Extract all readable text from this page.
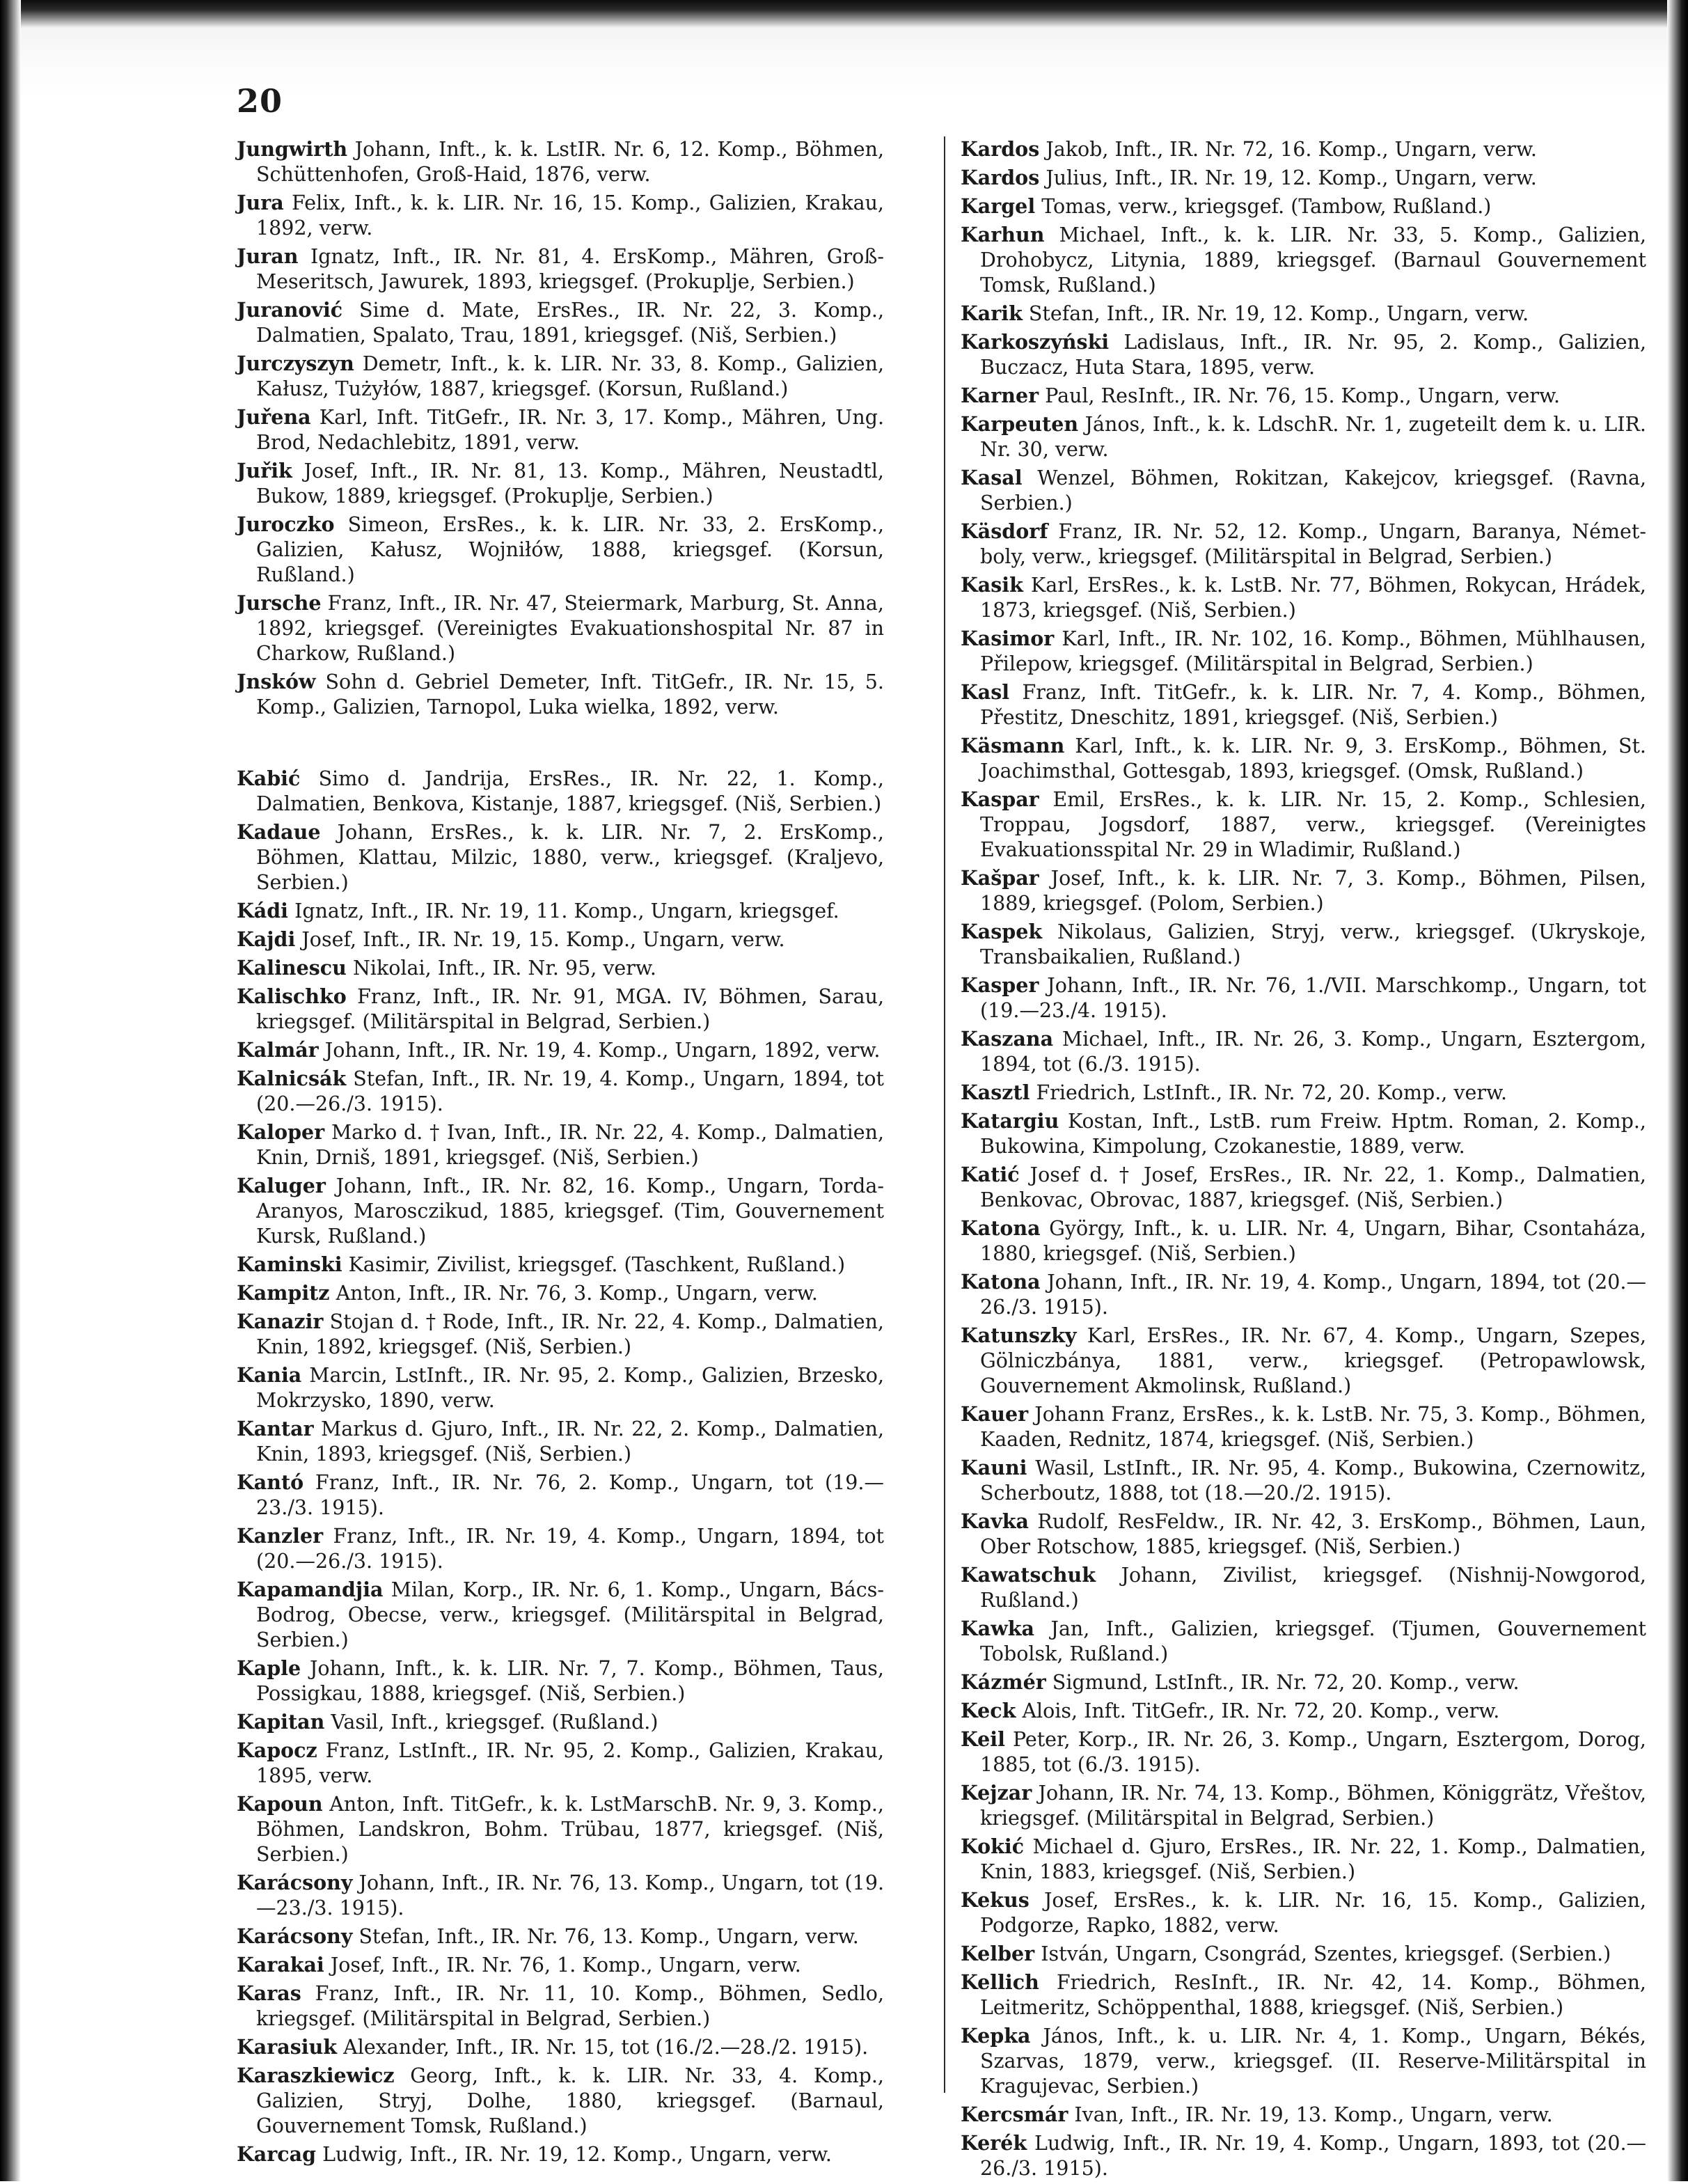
20

Jungwirth Johann, Inft., k. k. LstIR. Nr. 6, 12. Komp., Böhmen, Schüttenhofen, Groß-Haid, 1876, verw.

Jura Felix, Inft., k. k. LIR. Nr. 16, 15. Komp., Galizien, Krakau, 1892, verw.

Juran Ignatz, Inft., IR. Nr. 81, 4. ErsKomp., Mähren, Groß-Meseritsch, Jawurek, 1893, kriegsgef. (Prokuplje, Serbien.)

Juranović Sime d. Mate, ErsRes., IR. Nr. 22, 3. Komp., Dalmatien, Spalato, Trau, 1891, kriegsgef. (Niš, Serbien.)

Jurczyszyn Demetr, Inft., k. k. LIR. Nr. 33, 8. Komp., Galizien, Kałusz, Tużyłów, 1887, kriegsgef. (Korsun, Rußland.)

Juřena Karl, Inft. TitGefr., IR. Nr. 3, 17. Komp., Mähren, Ung. Brod, Nedachlebitz, 1891, verw.

Juřik Josef, Inft., IR. Nr. 81, 13. Komp., Mähren, Neustadtl, Bukow, 1889, kriegsgef. (Prokuplje, Serbien.)

Juroczko Simeon, ErsRes., k. k. LIR. Nr. 33, 2. ErsKomp., Galizien, Kałusz, Wojniłów, 1888, kriegsgef. (Korsun, Rußland.)

Jursche Franz, Inft., IR. Nr. 47, Steiermark, Marburg, St. Anna, 1892, kriegsgef. (Vereinigtes Evakuationshospital Nr. 87 in Charkow, Rußland.)

Jnsków Sohn d. Gebriel Demeter, Inft. TitGefr., IR. Nr. 15, 5. Komp., Galizien, Tarnopol, Luka wielka, 1892, verw.

Kabić Simo d. Jandrija, ErsRes., IR. Nr. 22, 1. Komp., Dalmatien, Benkova, Kistanje, 1887, kriegsgef. (Niš, Serbien.)

Kadaue Johann, ErsRes., k. k. LIR. Nr. 7, 2. ErsKomp., Böhmen, Klattau, Milzic, 1880, verw., kriegsgef. (Kraljevo, Serbien.)

Kádi Ignatz, Inft., IR. Nr. 19, 11. Komp., Ungarn, kriegsgef.

Kajdi Josef, Inft., IR. Nr. 19, 15. Komp., Ungarn, verw.

Kalinescu Nikolai, Inft., IR. Nr. 95, verw.

Kalischko Franz, Inft., IR. Nr. 91, MGA. IV, Böhmen, Sarau, kriegsgef. (Militärspital in Belgrad, Serbien.)

Kalmár Johann, Inft., IR. Nr. 19, 4. Komp., Ungarn, 1892, verw.

Kalnicsák Stefan, Inft., IR. Nr. 19, 4. Komp., Ungarn, 1894, tot (20.—26./3. 1915).

Kaloper Marko d. † Ivan, Inft., IR. Nr. 22, 4. Komp., Dalmatien, Knin, Drniš, 1891, kriegsgef. (Niš, Serbien.)

Kaluger Johann, Inft., IR. Nr. 82, 16. Komp., Ungarn, Torda-Aranyos, Marosczikud, 1885, kriegsgef. (Tim, Gouvernement Kursk, Rußland.)

Kaminski Kasimir, Zivilist, kriegsgef. (Taschkent, Rußland.)

Kampitz Anton, Inft., IR. Nr. 76, 3. Komp., Ungarn, verw.

Kanazir Stojan d. † Rode, Inft., IR. Nr. 22, 4. Komp., Dalmatien, Knin, 1892, kriegsgef. (Niš, Serbien.)

Kania Marcin, LstInft., IR. Nr. 95, 2. Komp., Galizien, Brzesko, Mokrzysko, 1890, verw.

Kantar Markus d. Gjuro, Inft., IR. Nr. 22, 2. Komp., Dalmatien, Knin, 1893, kriegsgef. (Niš, Serbien.)

Kantó Franz, Inft., IR. Nr. 76, 2. Komp., Ungarn, tot (19.—23./3. 1915).

Kanzler Franz, Inft., IR. Nr. 19, 4. Komp., Ungarn, 1894, tot (20.—26./3. 1915).

Kapamandjia Milan, Korp., IR. Nr. 6, 1. Komp., Ungarn, Bács-Bodrog, Obecse, verw., kriegsgef. (Militärspital in Belgrad, Serbien.)

Kaple Johann, Inft., k. k. LIR. Nr. 7, 7. Komp., Böhmen, Taus, Possigkau, 1888, kriegsgef. (Niš, Serbien.)

Kapitan Vasil, Inft., kriegsgef. (Rußland.)

Kapocz Franz, LstInft., IR. Nr. 95, 2. Komp., Galizien, Krakau, 1895, verw.

Kapoun Anton, Inft. TitGefr., k. k. LstMarschB. Nr. 9, 3. Komp., Böhmen, Landskron, Bohm. Trübau, 1877, kriegsgef. (Niš, Serbien.)

Karácsony Johann, Inft., IR. Nr. 76, 13. Komp., Ungarn, tot (19.—23./3. 1915).

Karácsony Stefan, Inft., IR. Nr. 76, 13. Komp., Ungarn, verw.

Karakai Josef, Inft., IR. Nr. 76, 1. Komp., Ungarn, verw.

Karas Franz, Inft., IR. Nr. 11, 10. Komp., Böhmen, Sedlo, kriegsgef. (Militärspital in Belgrad, Serbien.)

Karasiuk Alexander, Inft., IR. Nr. 15, tot (16./2.—28./2. 1915).

Karaszkiewicz Georg, Inft., k. k. LIR. Nr. 33, 4. Komp., Galizien, Stryj, Dolhe, 1880, kriegsgef. (Barnaul, Gouvernement Tomsk, Rußland.)

Karcag Ludwig, Inft., IR. Nr. 19, 12. Komp., Ungarn, verw.

Kardos Jakob, Inft., IR. Nr. 72, 16. Komp., Ungarn, verw.

Kardos Julius, Inft., IR. Nr. 19, 12. Komp., Ungarn, verw.

Kargel Tomas, verw., kriegsgef. (Tambow, Rußland.)

Karhun Michael, Inft., k. k. LIR. Nr. 33, 5. Komp., Galizien, Drohobycz, Litynia, 1889, kriegsgef. (Barnaul Gouvernement Tomsk, Rußland.)

Karik Stefan, Inft., IR. Nr. 19, 12. Komp., Ungarn, verw.

Karkoszyński Ladislaus, Inft., IR. Nr. 95, 2. Komp., Galizien, Buczacz, Huta Stara, 1895, verw.

Karner Paul, ResInft., IR. Nr. 76, 15. Komp., Ungarn, verw.

Karpeuten János, Inft., k. k. LdschR. Nr. 1, zugeteilt dem k. u. LIR. Nr. 30, verw.

Kasal Wenzel, Böhmen, Rokitzan, Kakejcov, kriegsgef. (Ravna, Serbien.)

Käsdorf Franz, IR. Nr. 52, 12. Komp., Ungarn, Baranya, Német-boly, verw., kriegsgef. (Militärspital in Belgrad, Serbien.)

Kasik Karl, ErsRes., k. k. LstB. Nr. 77, Böhmen, Rokycan, Hrádek, 1873, kriegsgef. (Niš, Serbien.)

Kasimor Karl, Inft., IR. Nr. 102, 16. Komp., Böhmen, Mühlhausen, Přilepow, kriegsgef. (Militärspital in Belgrad, Serbien.)

Kasl Franz, Inft. TitGefr., k. k. LIR. Nr. 7, 4. Komp., Böhmen, Přestitz, Dneschitz, 1891, kriegsgef. (Niš, Serbien.)

Käsmann Karl, Inft., k. k. LIR. Nr. 9, 3. ErsKomp., Böhmen, St. Joachimsthal, Gottesgab, 1893, kriegsgef. (Omsk, Rußland.)

Kaspar Emil, ErsRes., k. k. LIR. Nr. 15, 2. Komp., Schlesien, Troppau, Jogsdorf, 1887, verw., kriegsgef. (Vereinigtes Evakuationsspital Nr. 29 in Wladimir, Rußland.)

Kašpar Josef, Inft., k. k. LIR. Nr. 7, 3. Komp., Böhmen, Pilsen, 1889, kriegsgef. (Polom, Serbien.)

Kaspek Nikolaus, Galizien, Stryj, verw., kriegsgef. (Ukryskoje, Transbaikalien, Rußland.)

Kasper Johann, Inft., IR. Nr. 76, 1./VII. Marschkomp., Ungarn, tot (19.—23./4. 1915).

Kaszana Michael, Inft., IR. Nr. 26, 3. Komp., Ungarn, Esztergom, 1894, tot (6./3. 1915).

Kasztl Friedrich, LstInft., IR. Nr. 72, 20. Komp., verw.

Katargiu Kostan, Inft., LstB. rum Freiw. Hptm. Roman, 2. Komp., Bukowina, Kimpolung, Czokanestie, 1889, verw.

Katić Josef d. † Josef, ErsRes., IR. Nr. 22, 1. Komp., Dalmatien, Benkovac, Obrovac, 1887, kriegsgef. (Niš, Serbien.)

Katona György, Inft., k. u. LIR. Nr. 4, Ungarn, Bihar, Csontaháza, 1880, kriegsgef. (Niš, Serbien.)

Katona Johann, Inft., IR. Nr. 19, 4. Komp., Ungarn, 1894, tot (20.—26./3. 1915).

Katunszky Karl, ErsRes., IR. Nr. 67, 4. Komp., Ungarn, Szepes, Gölniczbánya, 1881, verw., kriegsgef. (Petropawlowsk, Gouvernement Akmolinsk, Rußland.)

Kauer Johann Franz, ErsRes., k. k. LstB. Nr. 75, 3. Komp., Böhmen, Kaaden, Rednitz, 1874, kriegsgef. (Niš, Serbien.)

Kauni Wasil, LstInft., IR. Nr. 95, 4. Komp., Bukowina, Czernowitz, Scherboutz, 1888, tot (18.—20./2. 1915).

Kavka Rudolf, ResFeldw., IR. Nr. 42, 3. ErsKomp., Böhmen, Laun, Ober Rotschow, 1885, kriegsgef. (Niš, Serbien.)

Kawatschuk Johann, Zivilist, kriegsgef. (Nishnij-Nowgorod, Rußland.)

Kawka Jan, Inft., Galizien, kriegsgef. (Tjumen, Gouvernement Tobolsk, Rußland.)

Kázmér Sigmund, LstInft., IR. Nr. 72, 20. Komp., verw.

Keck Alois, Inft. TitGefr., IR. Nr. 72, 20. Komp., verw.

Keil Peter, Korp., IR. Nr. 26, 3. Komp., Ungarn, Esztergom, Dorog, 1885, tot (6./3. 1915).

Kejzar Johann, IR. Nr. 74, 13. Komp., Böhmen, Königgrätz, Vřeštov, kriegsgef. (Militärspital in Belgrad, Serbien.)

Kokić Michael d. Gjuro, ErsRes., IR. Nr. 22, 1. Komp., Dalmatien, Knin, 1883, kriegsgef. (Niš, Serbien.)

Kekus Josef, ErsRes., k. k. LIR. Nr. 16, 15. Komp., Galizien, Podgorze, Rapko, 1882, verw.

Kelber István, Ungarn, Csongrád, Szentes, kriegsgef. (Serbien.)

Kellich Friedrich, ResInft., IR. Nr. 42, 14. Komp., Böhmen, Leitmeritz, Schöppenthal, 1888, kriegsgef. (Niš, Serbien.)

Kepka János, Inft., k. u. LIR. Nr. 4, 1. Komp., Ungarn, Békés, Szarvas, 1879, verw., kriegsgef. (II. Reserve-Militärspital in Kragujevac, Serbien.)

Kercsmár Ivan, Inft., IR. Nr. 19, 13. Komp., Ungarn, verw.

Kerék Ludwig, Inft., IR. Nr. 19, 4. Komp., Ungarn, 1893, tot (20.—26./3. 1915).
